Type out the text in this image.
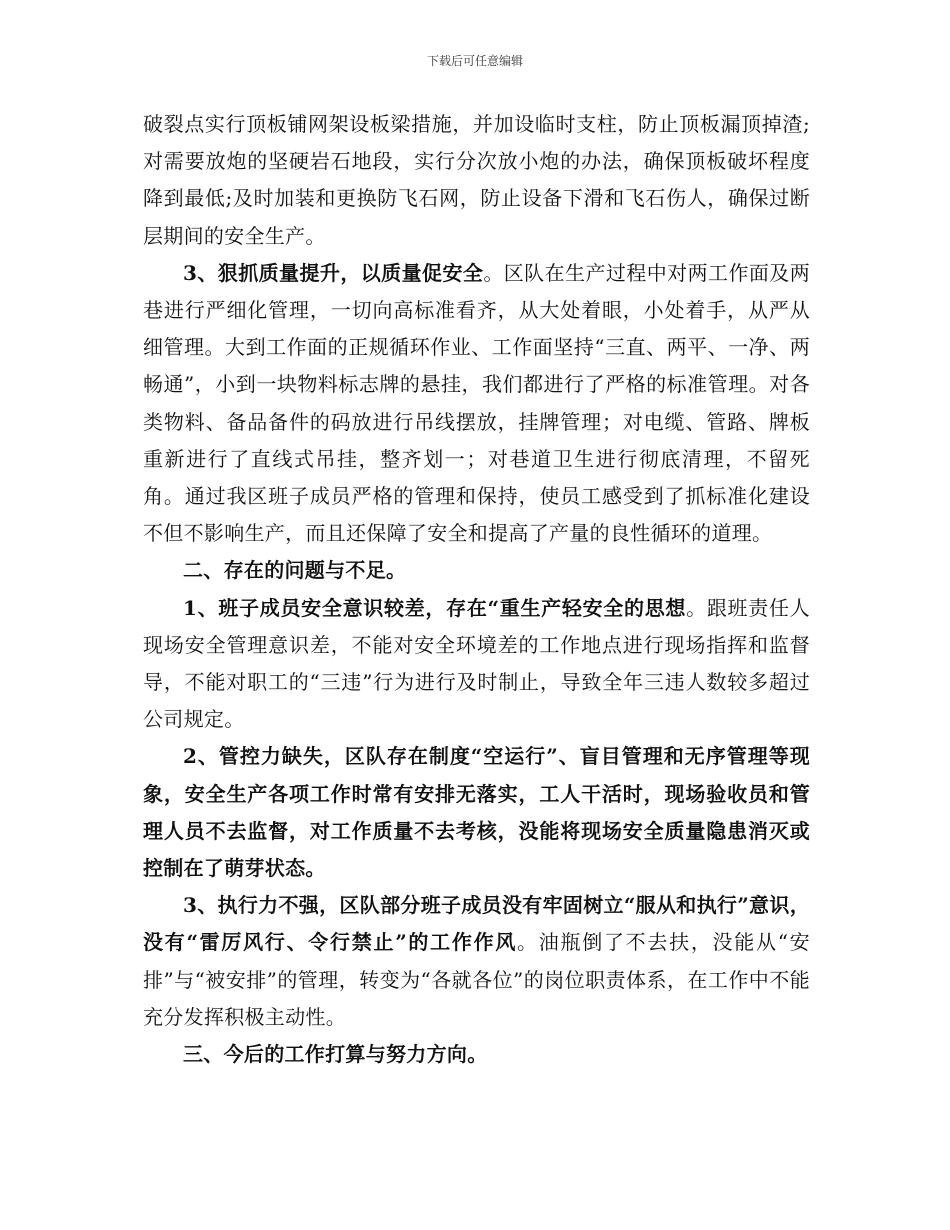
下载后可任意编辑

破裂点实行顶板铺网架设板梁措施，并加设临时支柱，防止顶板漏顶掉渣;对需要放炮的坚硬岩石地段，实行分次放小炮的办法，确保顶板破坏程度降到最低;及时加装和更换防飞石网，防止设备下滑和飞石伤人，确保过断层期间的安全生产。

3、狠抓质量提升，以质量促安全。区队在生产过程中对两工作面及两巷进行严细化管理，一切向高标准看齐，从大处着眼，小处着手，从严从细管理。大到工作面的正规循环作业、工作面坚持“三直、两平、一净、两畅通”，小到一块物料标志牌的悬挂，我们都进行了严格的标准管理。对各类物料、备品备件的码放进行吊线摆放，挂牌管理；对电缆、管路、牌板重新进行了直线式吊挂，整齐划一；对巷道卫生进行彻底清理，不留死角。通过我区班子成员严格的管理和保持，使员工感受到了抓标准化建设不但不影响生产，而且还保障了安全和提高了产量的良性循环的道理。

二、存在的问题与不足。

1、班子成员安全意识较差，存在“重生产轻安全的思想。跟班责任人现场安全管理意识差，不能对安全环境差的工作地点进行现场指挥和监督导，不能对职工的“三违”行为进行及时制止，导致全年三违人数较多超过公司规定。

2、管控力缺失，区队存在制度“空运行”、盲目管理和无序管理等现象，安全生产各项工作时常有安排无落实，工人干活时，现场验收员和管理人员不去监督，对工作质量不去考核，没能将现场安全质量隐患消灭或控制在了萌芽状态。

3、执行力不强，区队部分班子成员没有牢固树立“服从和执行”意识，没有“雷厉风行、令行禁止”的工作作风。油瓶倒了不去扶，没能从“安排”与“被安排”的管理，转变为“各就各位”的岗位职责体系，在工作中不能充分发挥积极主动性。

三、今后的工作打算与努力方向。
